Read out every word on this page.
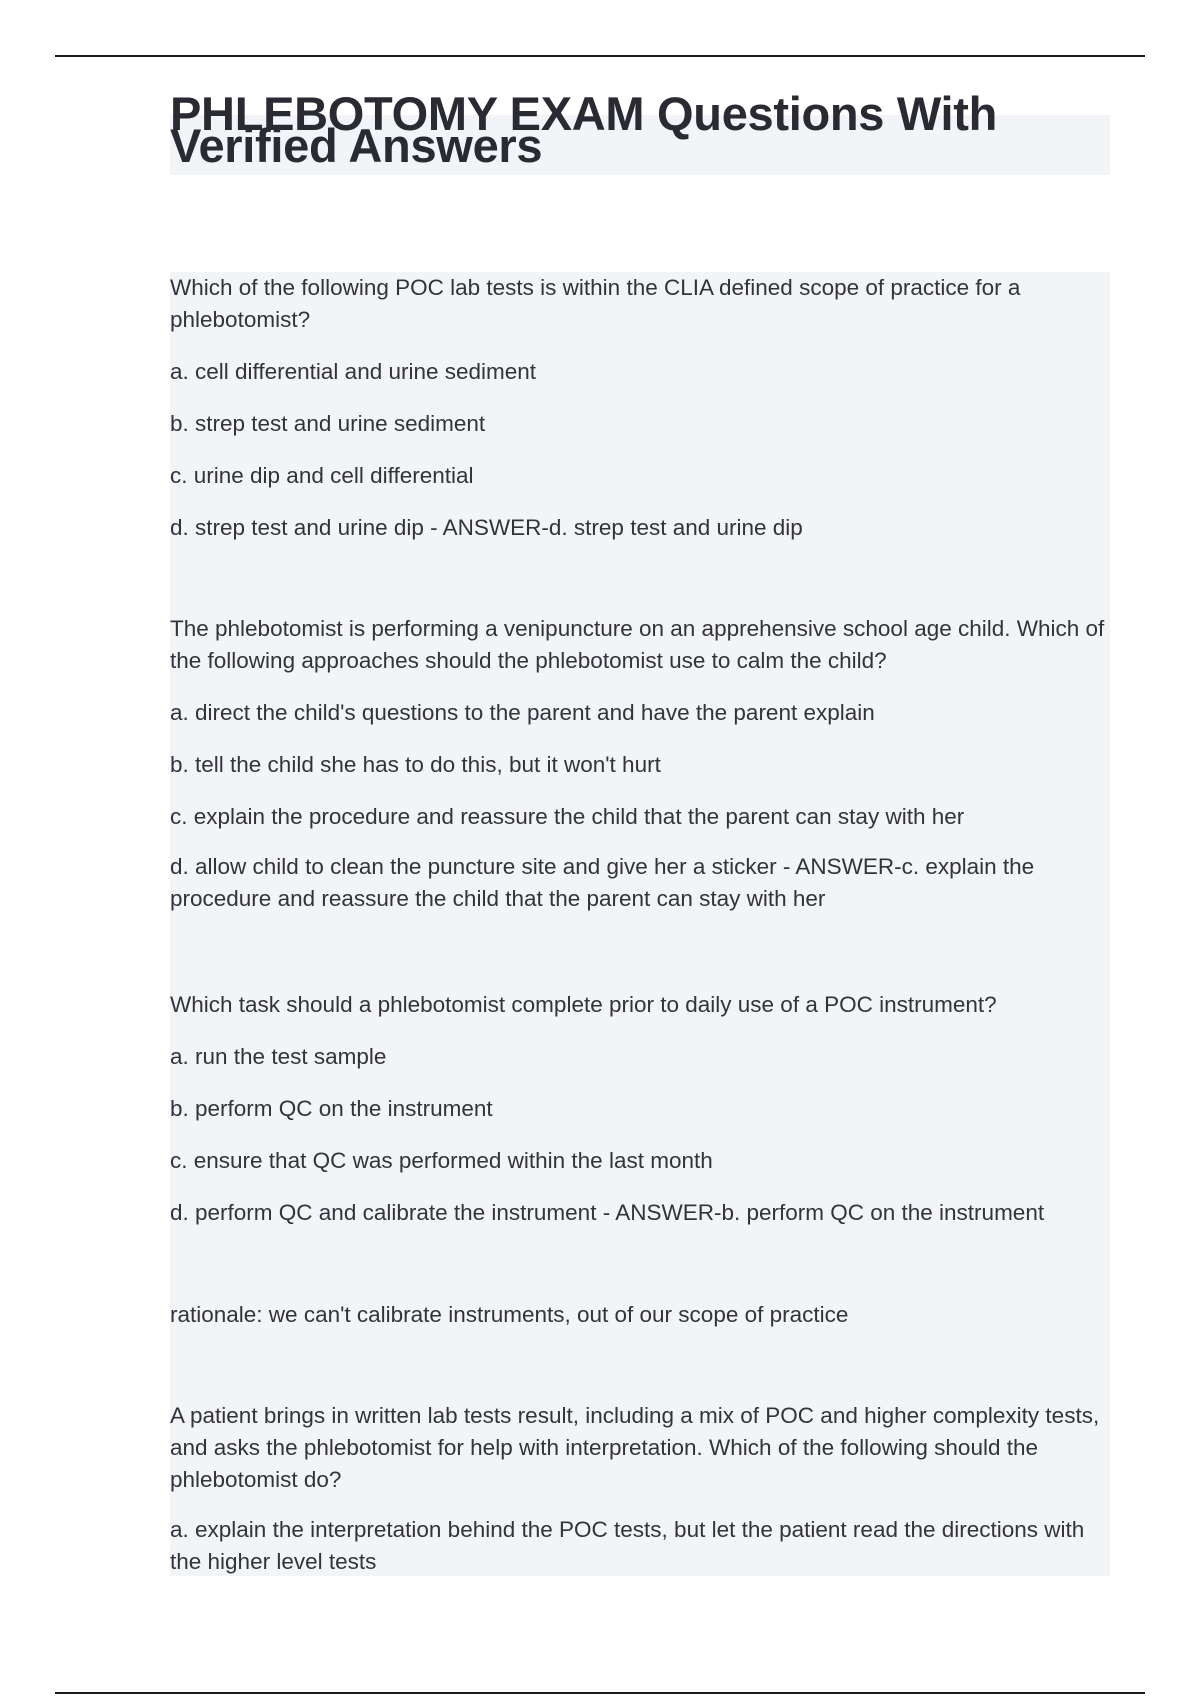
PHLEBOTOMY EXAM Questions With Verified Answers

Which of the following POC lab tests is within the CLIA defined scope of practice for a phlebotomist?

a. cell differential and urine sediment

b. strep test and urine sediment

c. urine dip and cell differential

d. strep test and urine dip - ANSWER-d. strep test and urine dip

The phlebotomist is performing a venipuncture on an apprehensive school age child. Which of the following approaches should the phlebotomist use to calm the child?

a. direct the child's questions to the parent and have the parent explain

b. tell the child she has to do this, but it won't hurt

c. explain the procedure and reassure the child that the parent can stay with her

d. allow child to clean the puncture site and give her a sticker - ANSWER-c. explain the procedure and reassure the child that the parent can stay with her

Which task should a phlebotomist complete prior to daily use of a POC instrument?

a. run the test sample

b. perform QC on the instrument

c. ensure that QC was performed within the last month

d. perform QC and calibrate the instrument - ANSWER-b. perform QC on the instrument

rationale: we can't calibrate instruments, out of our scope of practice

A patient brings in written lab tests result, including a mix of POC and higher complexity tests, and asks the phlebotomist for help with interpretation. Which of the following should the phlebotomist do?

a. explain the interpretation behind the POC tests, but let the patient read the directions with the higher level tests
